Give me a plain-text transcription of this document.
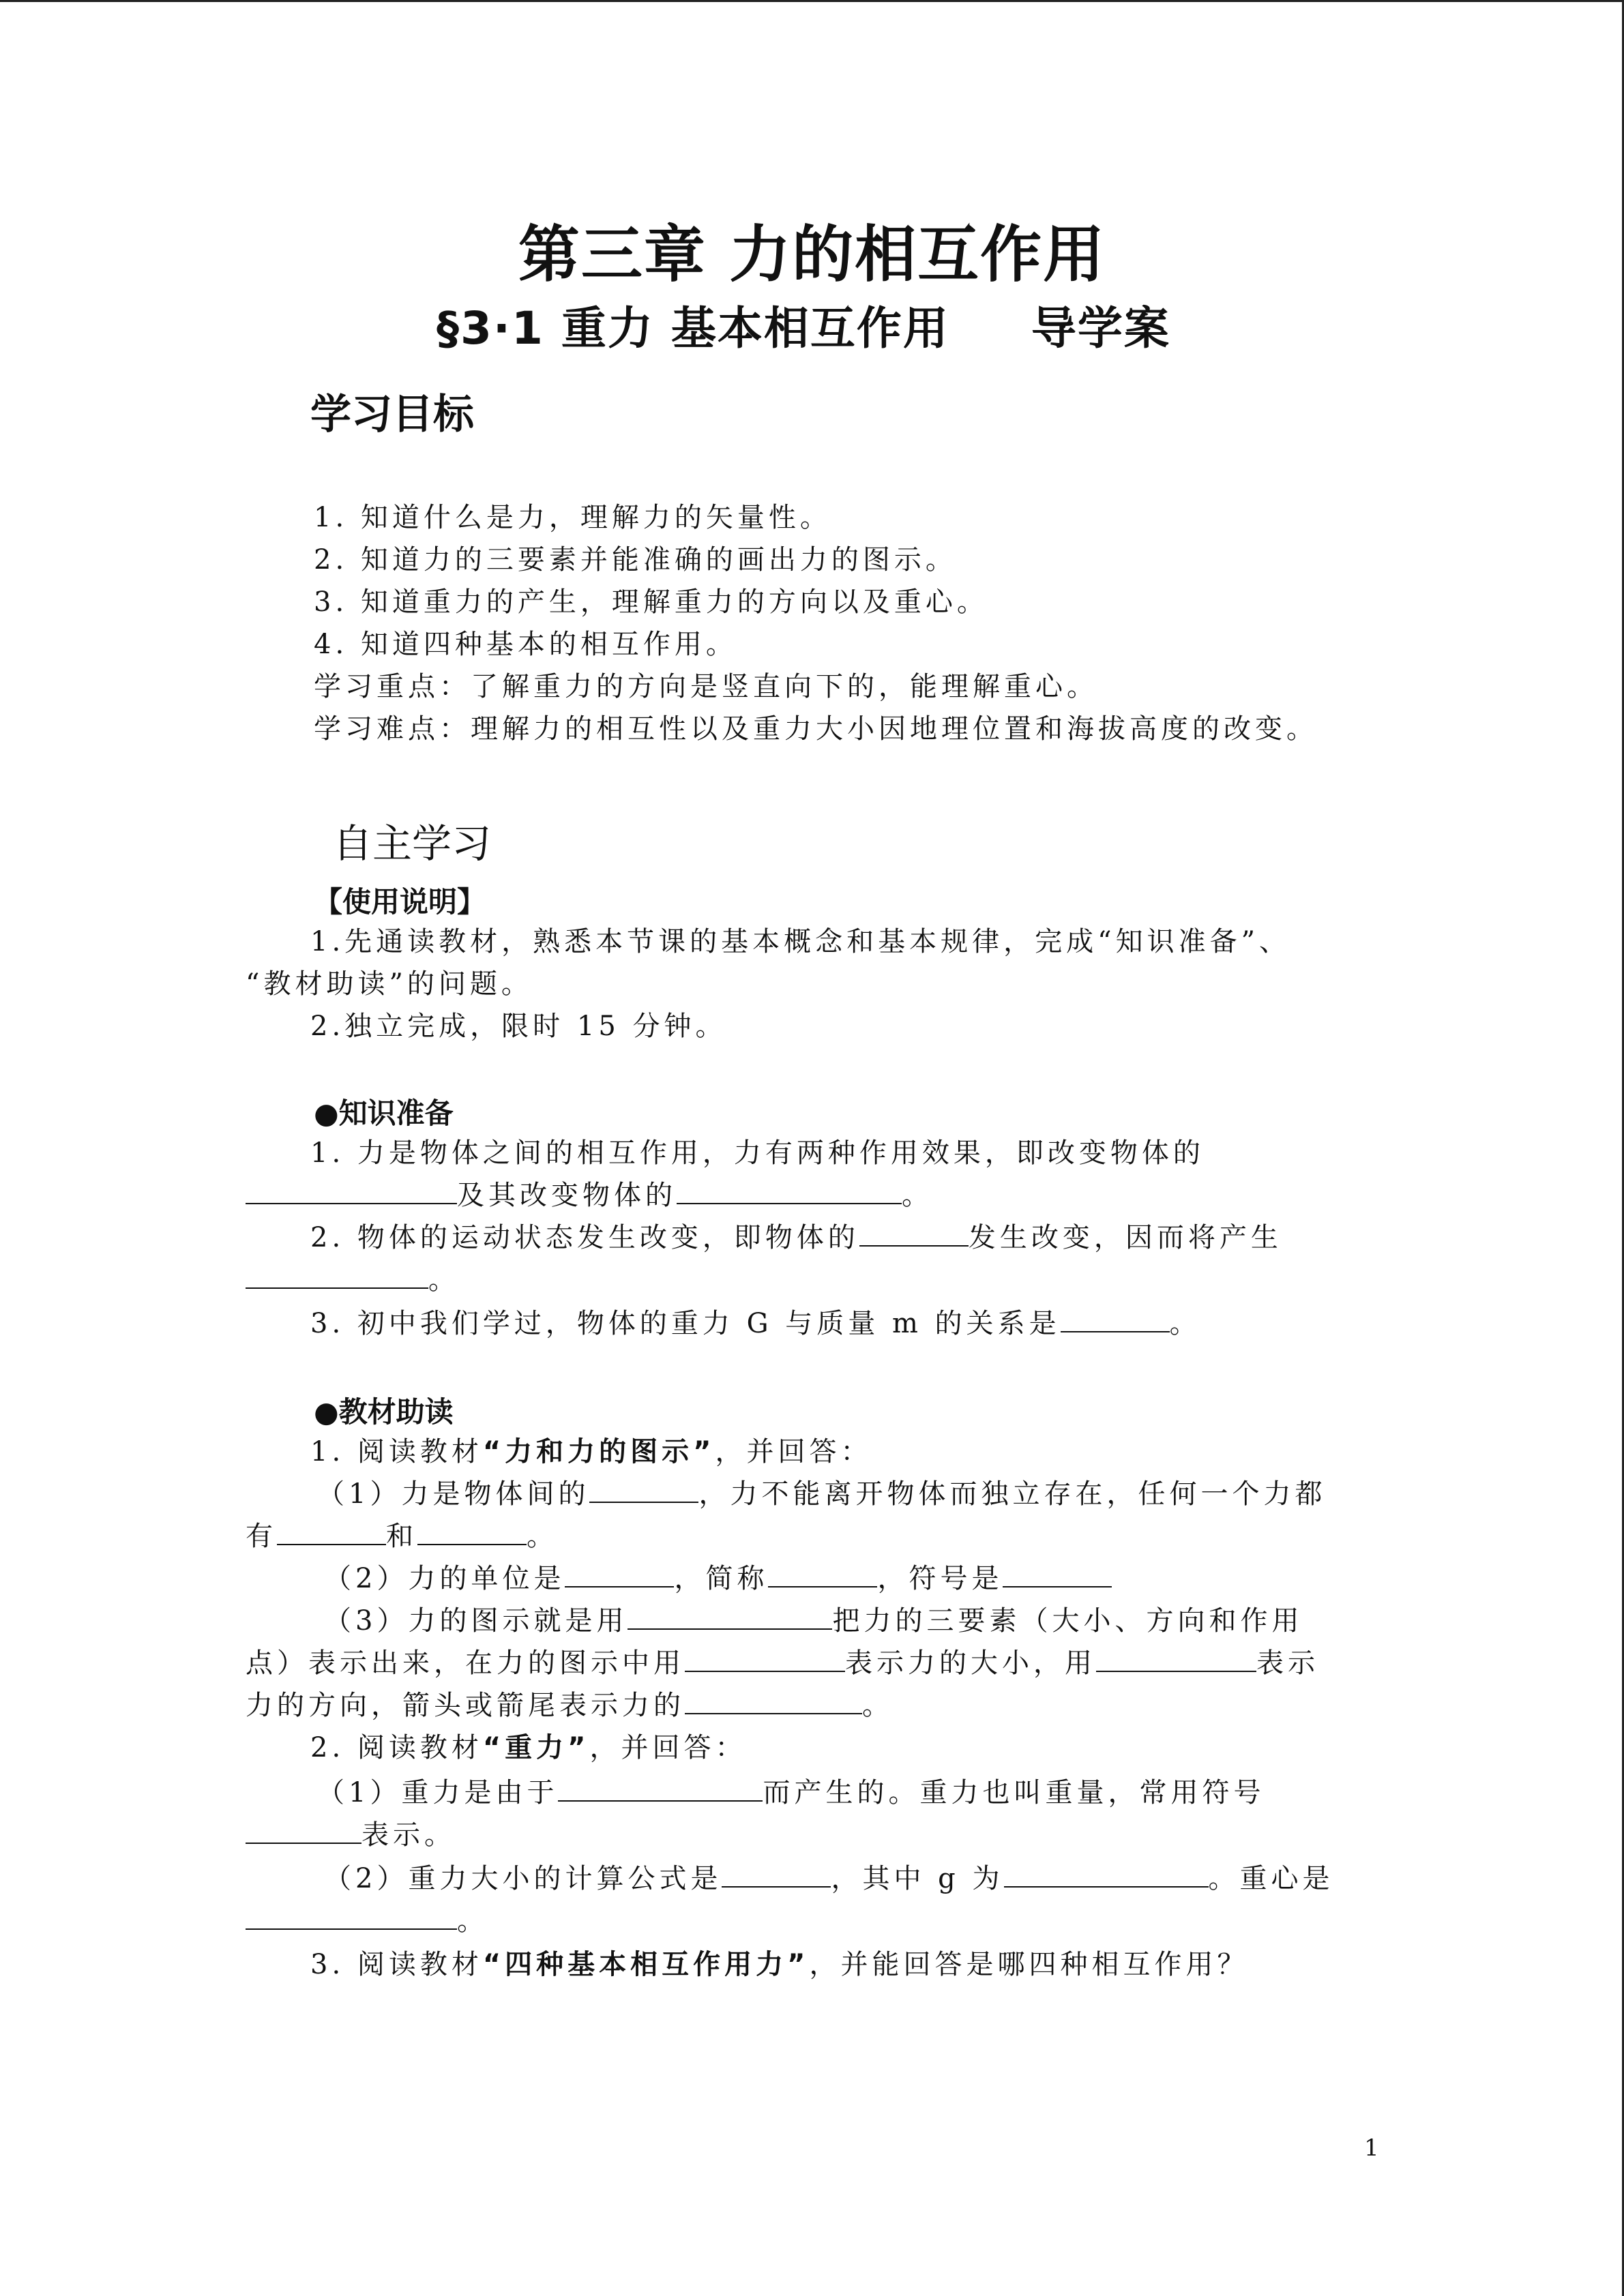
第三章 力的相互作用
§3·1 重力 基本相互作用 导学案
学习目标
1. 知道什么是力，理解力的矢量性。
2. 知道力的三要素并能准确的画出力的图示。
3. 知道重力的产生，理解重力的方向以及重心。
4. 知道四种基本的相互作用。
学习重点：了解重力的方向是竖直向下的，能理解重心。
学习难点：理解力的相互性以及重力大小因地理位置和海拔高度的改变。
自主学习
【使用说明】
1.先通读教材，熟悉本节课的基本概念和基本规律，完成“知识准备”、
“教材助读”的问题。
2.独立完成，限时 15 分钟。
●知识准备
1. 力是物体之间的相互作用，力有两种作用效果，即改变物体的
及其改变物体的	。
2. 物体的运动状态发生改变，即物体的	发生改变，因而将产生
。
3. 初中我们学过，物体的重力 G 与质量 m 的关系是	。
●教材助读
1. 阅读教材“力和力的图示”，并回答：
（1）力是物体间的	，力不能离开物体而独立存在，任何一个力都
有	和	。
（2）力的单位是	，简称	，符号是
（3）力的图示就是用	把力的三要素（大小、方向和作用
点）表示出来，在力的图示中用	表示力的大小，用	表示
力的方向，箭头或箭尾表示力的	。
2. 阅读教材“重力”，并回答：
（1）重力是由于	而产生的。重力也叫重量，常用符号
表示。
（2）重力大小的计算公式是	，其中 g 为	。重心是
。
3. 阅读教材“四种基本相互作用力”，并能回答是哪四种相互作用？
1
